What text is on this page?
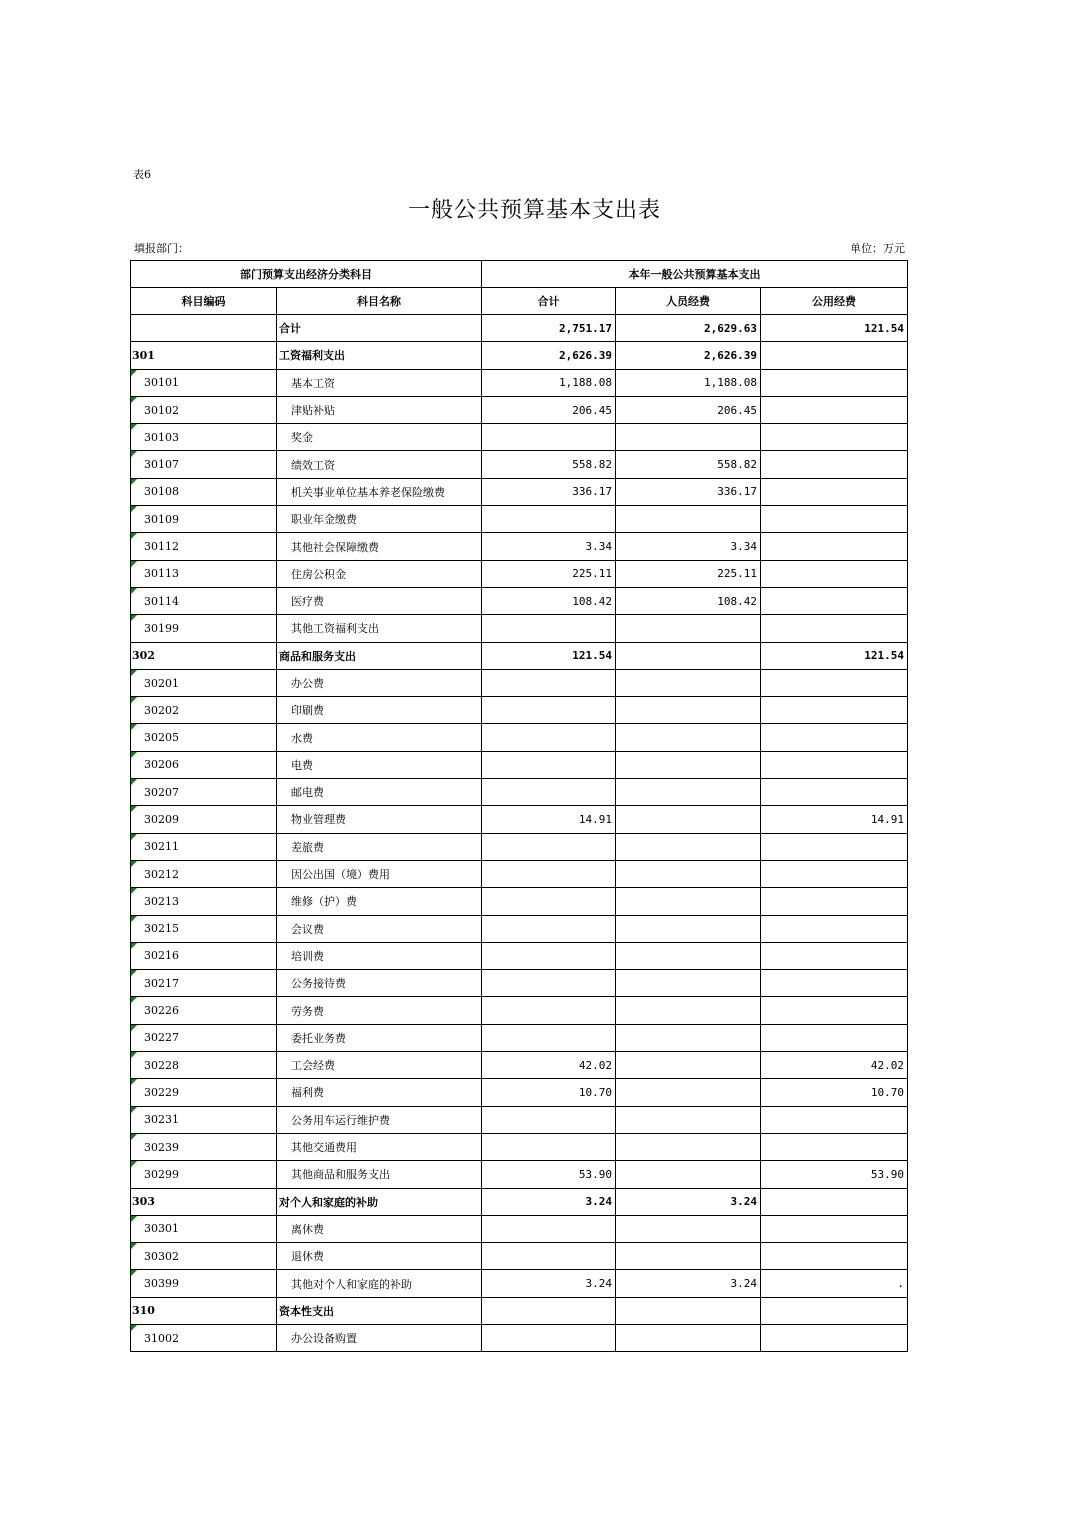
表6
一般公共预算基本支出表
填报部门：	单位：万元
部门预算支出经济分类科目		本年一般公共预算基本支出		
科目编码	科目名称	合计	人员经费	公用经费
	合计	2,751.17	2,629.63	121.54
301	工资福利支出	2,626.39	2,626.39	
30101	基本工资	1,188.08	1,188.08	
30102	津贴补贴	206.45	206.45	
30103	奖金			
30107	绩效工资	558.82	558.82	
30108	机关事业单位基本养老保险缴费	336.17	336.17	
30109	职业年金缴费			
30112	其他社会保障缴费	3.34	3.34	
30113	住房公积金	225.11	225.11	
30114	医疗费	108.42	108.42	
30199	其他工资福利支出			
302	商品和服务支出	121.54		121.54
30201	办公费			
30202	印刷费			
30205	水费			
30206	电费			
30207	邮电费			
30209	物业管理费	14.91		14.91
30211	差旅费			
30212	因公出国（境）费用			
30213	维修（护）费			
30215	会议费			
30216	培训费			
30217	公务接待费			
30226	劳务费			
30227	委托业务费			
30228	工会经费	42.02		42.02
30229	福利费	10.70		10.70
30231	公务用车运行维护费			
30239	其他交通费用			
30299	其他商品和服务支出	53.90		53.90
303	对个人和家庭的补助	3.24	3.24	
30301	离休费			
30302	退休费			
30399	其他对个人和家庭的补助	3.24	3.24	.
310	资本性支出			
31002	办公设备购置			
